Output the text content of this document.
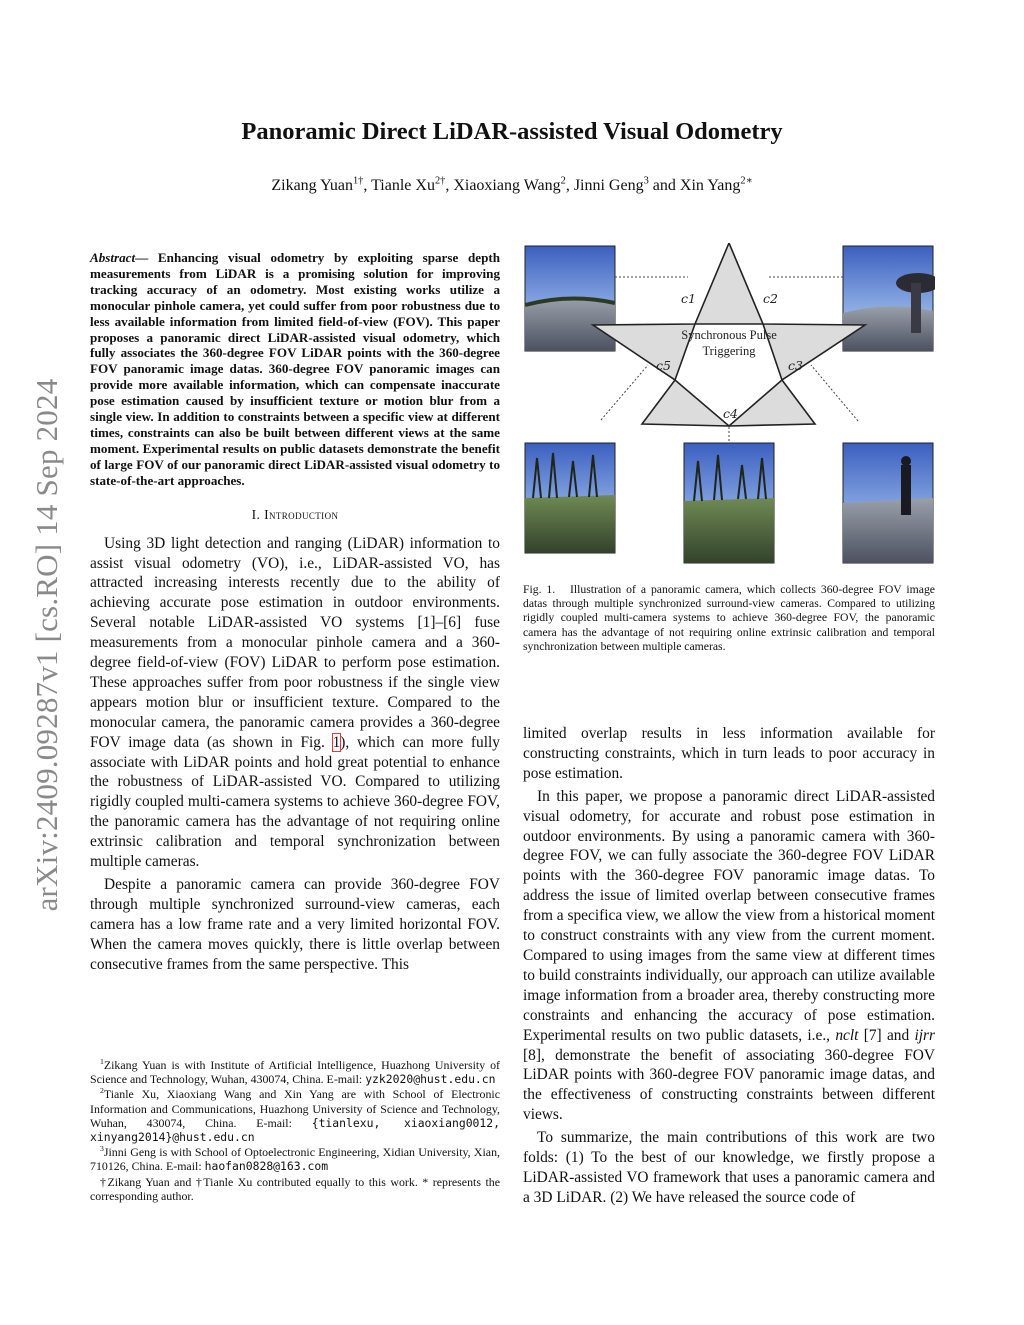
arXiv:2409.09287v1 [cs.RO] 14 Sep 2024
Panoramic Direct LiDAR-assisted Visual Odometry
Zikang Yuan$^{1\dagger}$, Tianle $Xu^{2\dagger}$, Xiaoxiang Wang$^2$, Jinni Geng$^3$ and Xin Yang$^{2∗}$

Abstract— Enhancing visual odometry by exploiting sparse depth measurements from LiDAR is a promising solution for improving tracking accuracy of an odometry. Most existing works utilize a monocular pinhole camera, yet could suffer from poor robustness due to less available information from limited field-of-view (FOV). This paper proposes a panoramic direct LiDAR-assisted visual odometry, which fully associates the 360-degree FOV LiDAR points with the 360-degree FOV panoramic image datas. 360-degree FOV panoramic images can provide more available information, which can compensate inaccurate pose estimation caused by insufficient texture or motion blur from a single view. In addition to constraints between a specific view at different times, constraints can also be built between different views at the same moment. Experimental results on public datasets demonstrate the benefit of large FOV of our panoramic direct LiDAR-assisted visual odometry to state-of-the-art approaches.

I. Introduction

Using 3D light detection and ranging (LiDAR) information to assist visual odometry (VO), i.e., LiDAR-assisted VO, has attracted increasing interests recently due to the ability of achieving accurate pose estimation in outdoor environments. Several notable LiDAR-assisted VO systems [1]–[6] fuse measurements from a monocular pinhole camera and a 360-degree field-of-view (FOV) LiDAR to perform pose estimation. These approaches suffer from poor robustness if the single view appears motion blur or insufficient texture. Compared to the monocular camera, the panoramic camera provides a 360-degree FOV image data (as shown in Fig. 1), which can more fully associate with LiDAR points and hold great potential to enhance the robustness of LiDAR-assisted VO. Compared to utilizing rigidly coupled multi-camera systems to achieve 360-degree FOV, the panoramic camera has the advantage of not requiring online extrinsic calibration and temporal synchronization between multiple cameras.

Despite a panoramic camera can provide 360-degree FOV through multiple synchronized surround-view cameras, each camera has a low frame rate and a very limited horizontal FOV. When the camera moves quickly, there is little overlap between consecutive frames from the same perspective. This

$^1$Zikang Yuan is with Institute of Artificial Intelligence, Huazhong University of Science and Technology, Wuhan, 430074, China. E-mail: yzk2020@hust.edu.cn

$^2$Tianle Xu, Xiaoxiang Wang and Xin Yang are with School of Electronic Information and Communications, Huazhong University of Science and Technology, Wuhan, 430074, China. E-mail: {tianlexu, xiaoxiang0012, xinyang2014}@hust.edu.cn

$^3$Jinni Geng is with School of Optoelectronic Engineering, Xidian University, Xian, 710126, China. E-mail: haofan0828@163.com

†Zikang Yuan and †Tianle Xu contributed equally to this work. * represents the corresponding author.

c1	c2
c3
c4
c5
Synchronous Pulse
Triggering
Fig. 1. Illustration of a panoramic camera, which collects 360-degree FOV image datas through multiple synchronized surround-view cameras. Compared to utilizing rigidly coupled multi-camera systems to achieve 360-degree FOV, the panoramic camera has the advantage of not requiring online extrinsic calibration and temporal synchronization between multiple cameras.

limited overlap results in less information available for constructing constraints, which in turn leads to poor accuracy in pose estimation.

In this paper, we propose a panoramic direct LiDAR-assisted visual odometry, for accurate and robust pose estimation in outdoor environments. By using a panoramic camera with 360-degree FOV, we can fully associate the 360-degree FOV LiDAR points with the 360-degree FOV panoramic image datas. To address the issue of limited overlap between consecutive frames from a specifica view, we allow the view from a historical moment to construct constraints with any view from the current moment. Compared to using images from the same view at different times to build constraints individually, our approach can utilize available image information from a broader area, thereby constructing more constraints and enhancing the accuracy of pose estimation. Experimental results on two public datasets, i.e., nclt [7] and ijrr [8], demonstrate the benefit of associating 360-degree FOV LiDAR points with 360-degree FOV panoramic image datas, and the effectiveness of constructing constraints between different views.

To summarize, the main contributions of this work are two folds: (1) To the best of our knowledge, we firstly propose a LiDAR-assisted VO framework that uses a panoramic camera and a 3D LiDAR. (2) We have released the source code of
